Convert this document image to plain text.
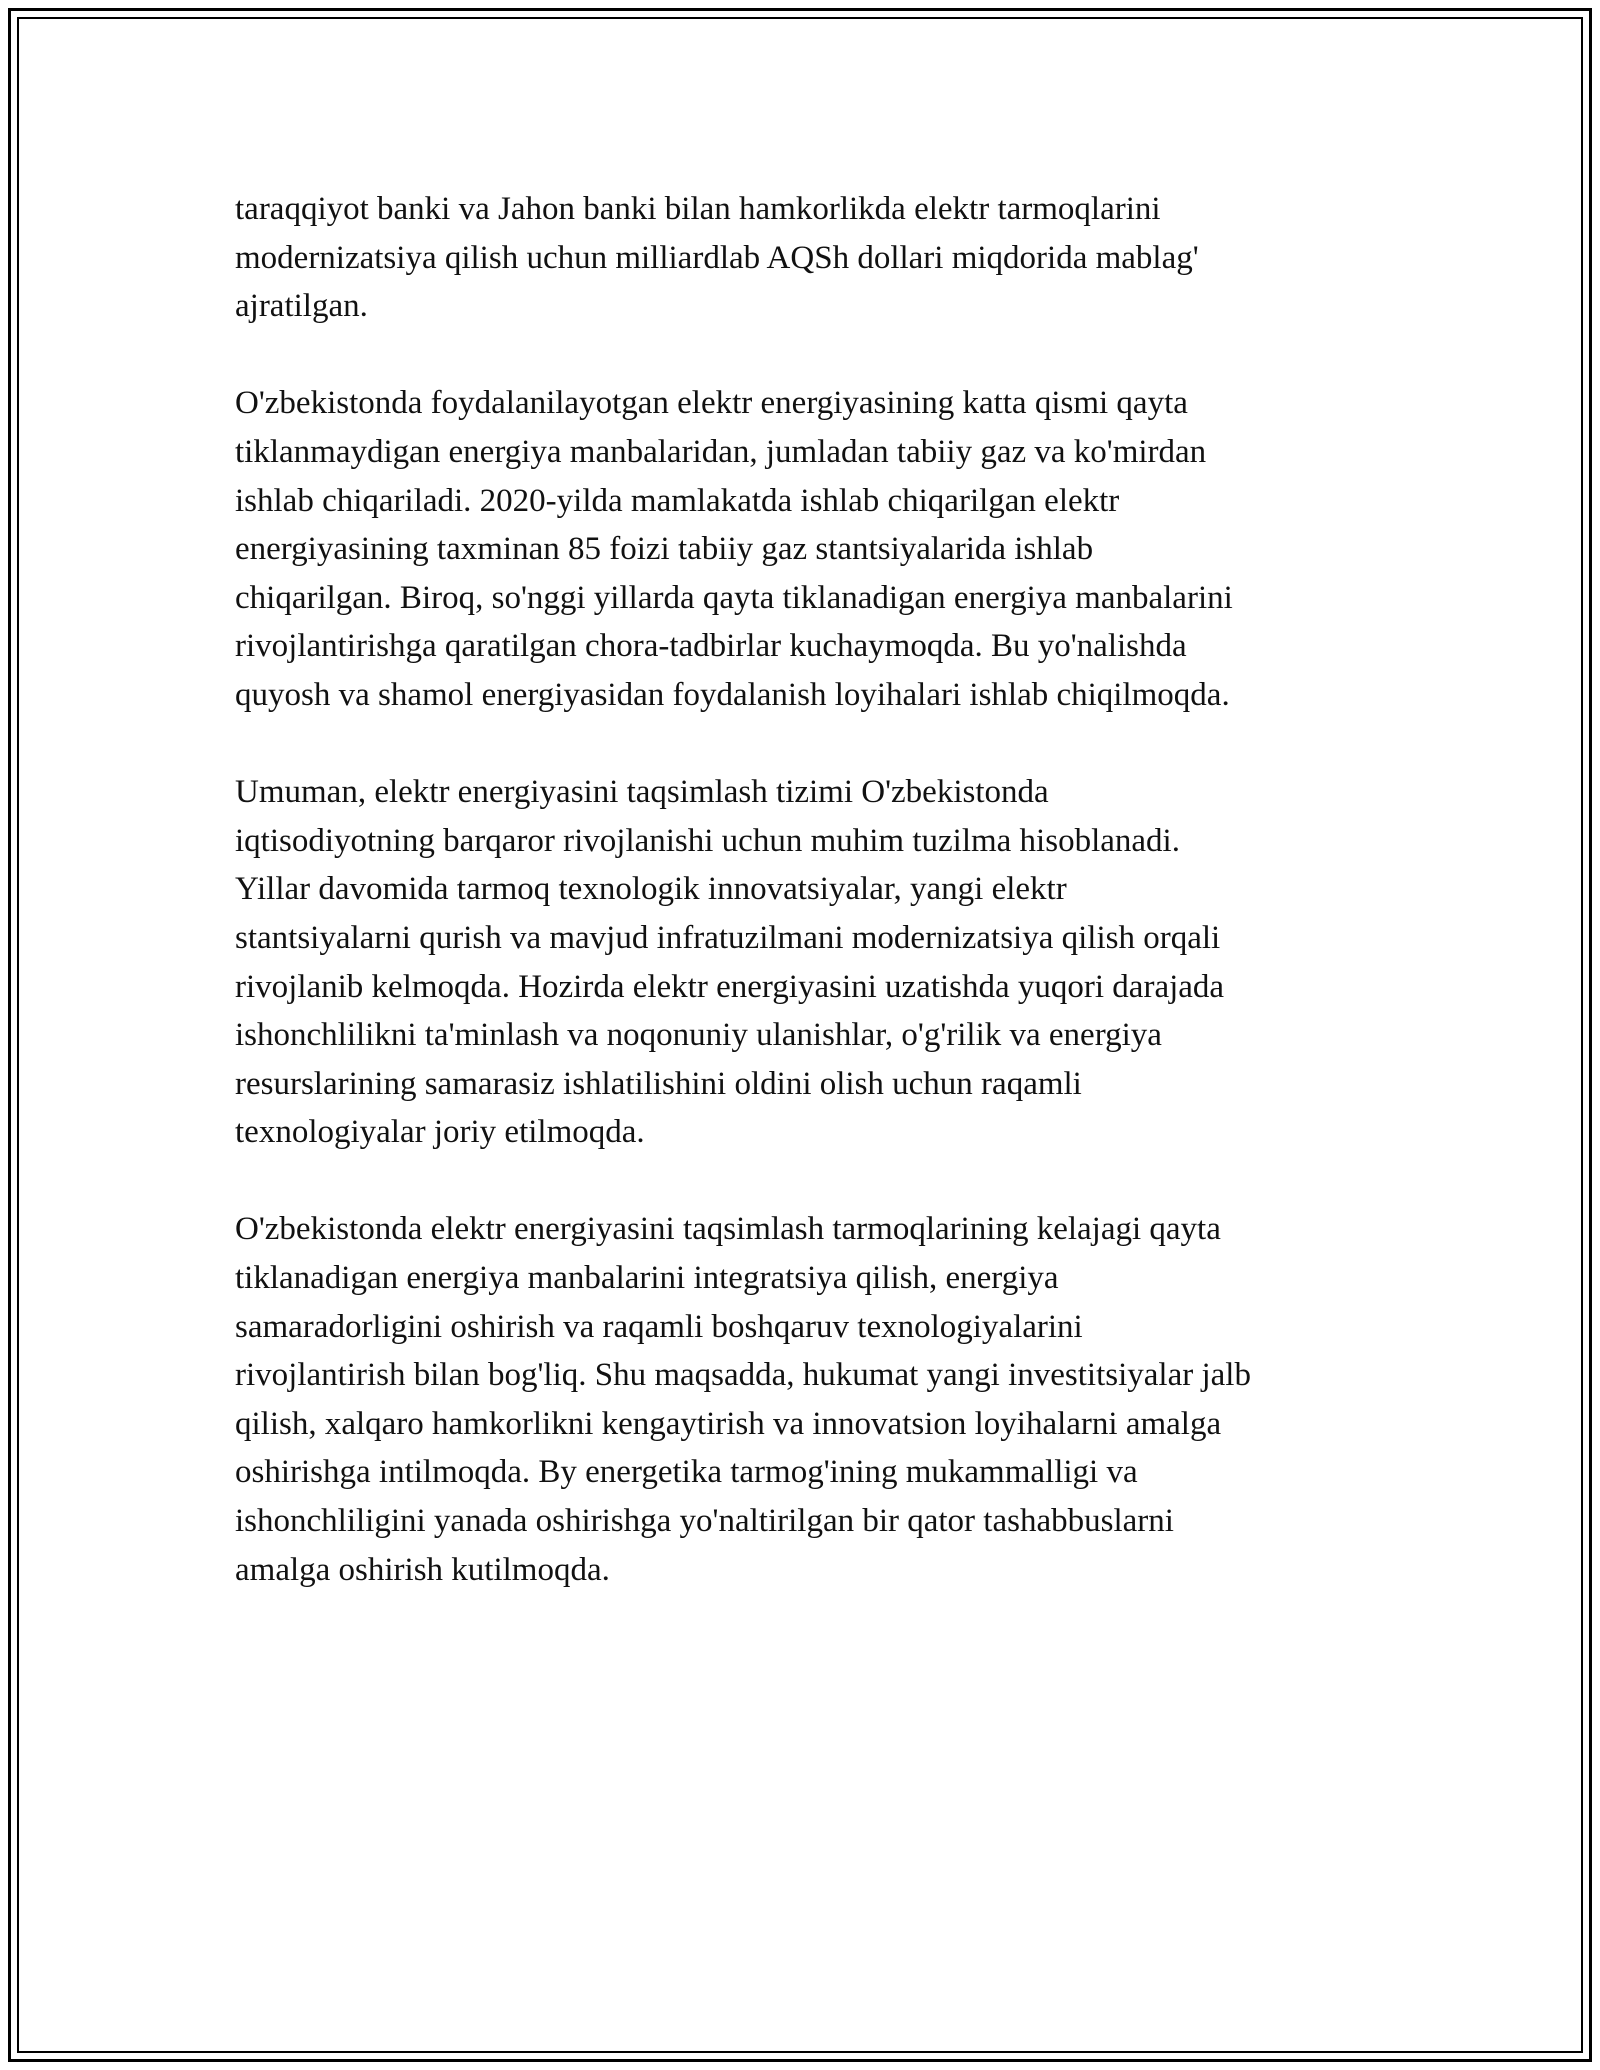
taraqqiyot banki va Jahon banki bilan hamkorlikda elektr tarmoqlarini
modernizatsiya qilish uchun milliardlab AQSh dollari miqdorida mablag'
ajratilgan.

O'zbekistonda foydalanilayotgan elektr energiyasining katta qismi qayta
tiklanmaydigan energiya manbalaridan, jumladan tabiiy gaz va ko'mirdan
ishlab chiqariladi. 2020-yilda mamlakatda ishlab chiqarilgan elektr
energiyasining taxminan 85 foizi tabiiy gaz stantsiyalarida ishlab
chiqarilgan. Biroq, so'nggi yillarda qayta tiklanadigan energiya manbalarini
rivojlantirishga qaratilgan chora-tadbirlar kuchaymoqda. Bu yo'nalishda
quyosh va shamol energiyasidan foydalanish loyihalari ishlab chiqilmoqda.

Umuman, elektr energiyasini taqsimlash tizimi O'zbekistonda
iqtisodiyotning barqaror rivojlanishi uchun muhim tuzilma hisoblanadi.
Yillar davomida tarmoq texnologik innovatsiyalar, yangi elektr
stantsiyalarni qurish va mavjud infratuzilmani modernizatsiya qilish orqali
rivojlanib kelmoqda. Hozirda elektr energiyasini uzatishda yuqori darajada
ishonchlilikni ta'minlash va noqonuniy ulanishlar, o'g'rilik va energiya
resurslarining samarasiz ishlatilishini oldini olish uchun raqamli
texnologiyalar joriy etilmoqda.

O'zbekistonda elektr energiyasini taqsimlash tarmoqlarining kelajagi qayta
tiklanadigan energiya manbalarini integratsiya qilish, energiya
samaradorligini oshirish va raqamli boshqaruv texnologiyalarini
rivojlantirish bilan bog'liq. Shu maqsadda, hukumat yangi investitsiyalar jalb
qilish, xalqaro hamkorlikni kengaytirish va innovatsion loyihalarni amalga
oshirishga intilmoqda. By energetika tarmog'ining mukammalligi va
ishonchliligini yanada oshirishga yo'naltirilgan bir qator tashabbuslarni
amalga oshirish kutilmoqda.
